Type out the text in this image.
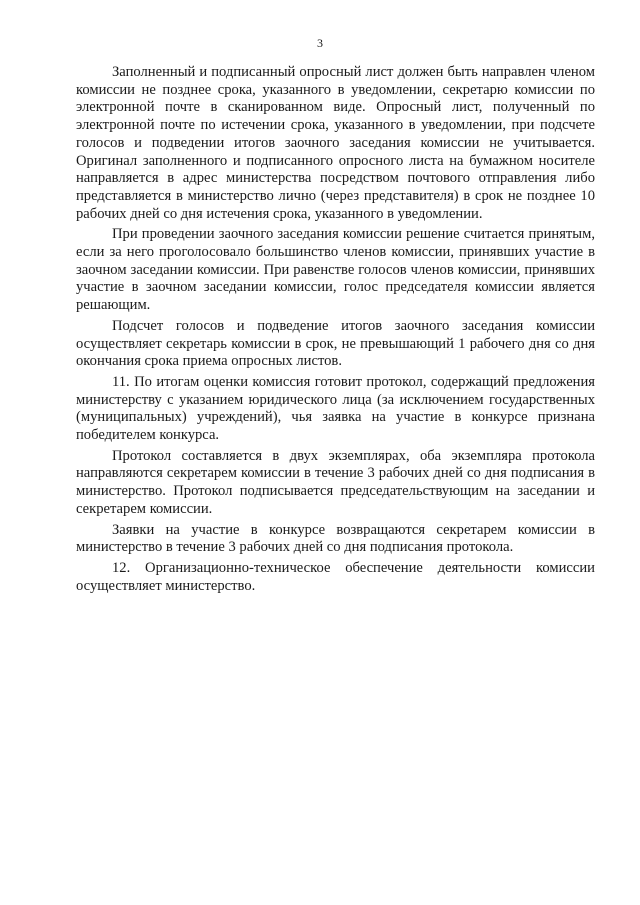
3

Заполненный и подписанный опросный лист должен быть направлен членом комиссии не позднее срока, указанного в уведомлении, секретарю комиссии по электронной почте в сканированном виде. Опросный лист, полученный по электронной почте по истечении срока, указанного в уведомлении, при подсчете голосов и подведении итогов заочного заседания комиссии не учитывается. Оригинал заполненного и подписанного опросного листа на бумажном носителе направляется в адрес министерства посредством почтового отправления либо представляется в министерство лично (через представителя) в срок не позднее 10 рабочих дней со дня истечения срока, указанного в уведомлении.

При проведении заочного заседания комиссии решение считается принятым, если за него проголосовало большинство членов комиссии, принявших участие в заочном заседании комиссии. При равенстве голосов членов комиссии, принявших участие в заочном заседании комиссии, голос председателя комиссии является решающим.

Подсчет голосов и подведение итогов заочного заседания комиссии осуществляет секретарь комиссии в срок, не превышающий 1 рабочего дня со дня окончания срока приема опросных листов.

11. По итогам оценки комиссия готовит протокол, содержащий предложения министерству с указанием юридического лица (за исключением государственных (муниципальных) учреждений), чья заявка на участие в конкурсе признана победителем конкурса.

Протокол составляется в двух экземплярах, оба экземпляра протокола направляются секретарем комиссии в течение 3 рабочих дней со дня подписания в министерство. Протокол подписывается председательствующим на заседании и секретарем комиссии.

Заявки на участие в конкурсе возвращаются секретарем комиссии в министерство в течение 3 рабочих дней со дня подписания протокола.

12. Организационно-техническое обеспечение деятельности комиссии осуществляет министерство.
